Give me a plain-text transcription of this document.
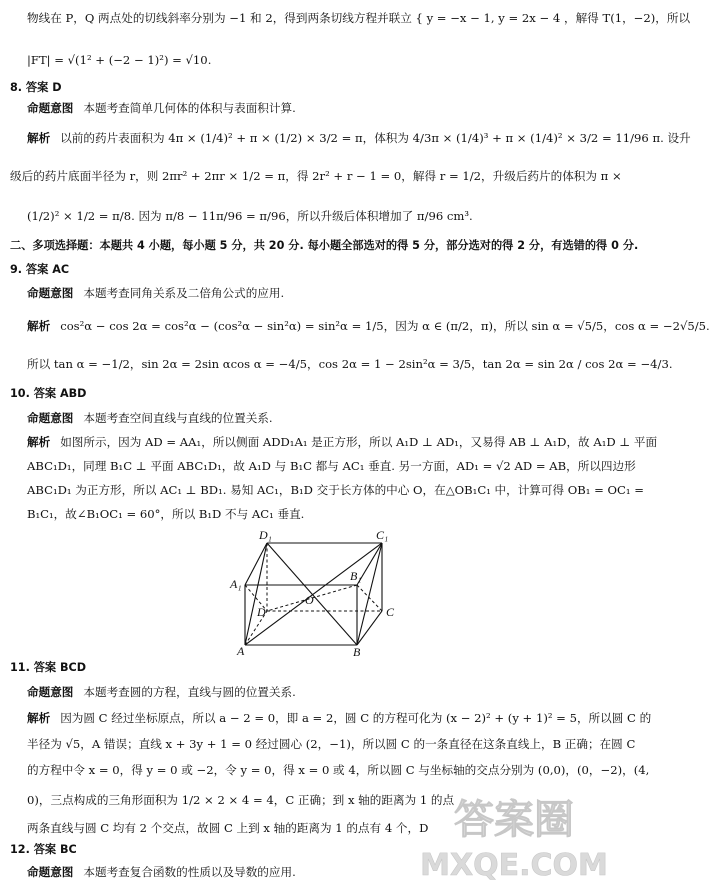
物线在 P，Q 两点处的切线斜率分别为 −1 和 2，得到两条切线方程并联立 { y = −x − 1, y = 2x − 4 ，解得 T(1，−2)，所以
|FT| = √(1² + (−2 − 1)²) = √10.
8. 答案 D
命题意图 本题考查简单几何体的体积与表面积计算.
解析 以前的药片表面积为 4π × (1/4)² + π × (1/2) × 3/2 = π，体积为 4/3π × (1/4)³ + π × (1/4)² × 3/2 = 11/96 π. 设升
级后的药片底面半径为 r，则 2πr² + 2πr × 1/2 = π，得 2r² + r − 1 = 0，解得 r = 1/2，升级后药片的体积为 π ×
(1/2)² × 1/2 = π/8. 因为 π/8 − 11π/96 = π/96，所以升级后体积增加了 π/96 cm³.
二、多项选择题：本题共 4 小题，每小题 5 分，共 20 分. 每小题全部选对的得 5 分，部分选对的得 2 分，有选错的得 0 分.
9. 答案 AC
命题意图 本题考查同角关系及二倍角公式的应用.
解析 cos²α − cos 2α = cos²α − (cos²α − sin²α) = sin²α = 1/5，因为 α ∈ (π/2，π)，所以 sin α = √5/5，cos α = −2√5/5.
所以 tan α = −1/2，sin 2α = 2sin αcos α = −4/5，cos 2α = 1 − 2sin²α = 3/5，tan 2α = sin 2α / cos 2α = −4/3.
10. 答案 ABD
命题意图 本题考查空间直线与直线的位置关系.
解析 如图所示，因为 AD = AA₁，所以侧面 ADD₁A₁ 是正方形，所以 A₁D ⊥ AD₁，又易得 AB ⊥ A₁D，故 A₁D ⊥ 平面
ABC₁D₁，同理 B₁C ⊥ 平面 ABC₁D₁，故 A₁D 与 B₁C 都与 AC₁ 垂直. 另一方面，AD₁ = √2 AD = AB，所以四边形
ABC₁D₁ 为正方形，所以 AC₁ ⊥ BD₁. 易知 AC₁，B₁D 交于长方体的中心 O，在△OB₁C₁ 中，计算可得 OB₁ = OC₁ =
B₁C₁，故∠B₁OC₁ = 60°，所以 B₁D 不与 AC₁ 垂直.
D₁	C₁
A₁
B₁
D
O
C
A	B
11. 答案 BCD
命题意图 本题考查圆的方程，直线与圆的位置关系.
解析 因为圆 C 经过坐标原点，所以 a − 2 = 0，即 a = 2，圆 C 的方程可化为 (x − 2)² + (y + 1)² = 5，所以圆 C 的
半径为 √5，A 错误；直线 x + 3y + 1 = 0 经过圆心 (2，−1)，所以圆 C 的一条直径在这条直线上，B 正确；在圆 C
的方程中令 x = 0，得 y = 0 或 −2，令 y = 0，得 x = 0 或 4，所以圆 C 与坐标轴的交点分别为 (0,0)，(0，−2)，(4,
0)，三点构成的三角形面积为 1/2 × 2 × 4 = 4，C 正确；到 x 轴的距离为 1 的点
两条直线与圆 C 均有 2 个交点，故圆 C 上到 x 轴的距离为 1 的点有 4 个，D
12. 答案 BC
命题意图 本题考查复合函数的性质以及导数的应用.
答案圈
MXQE.COM
